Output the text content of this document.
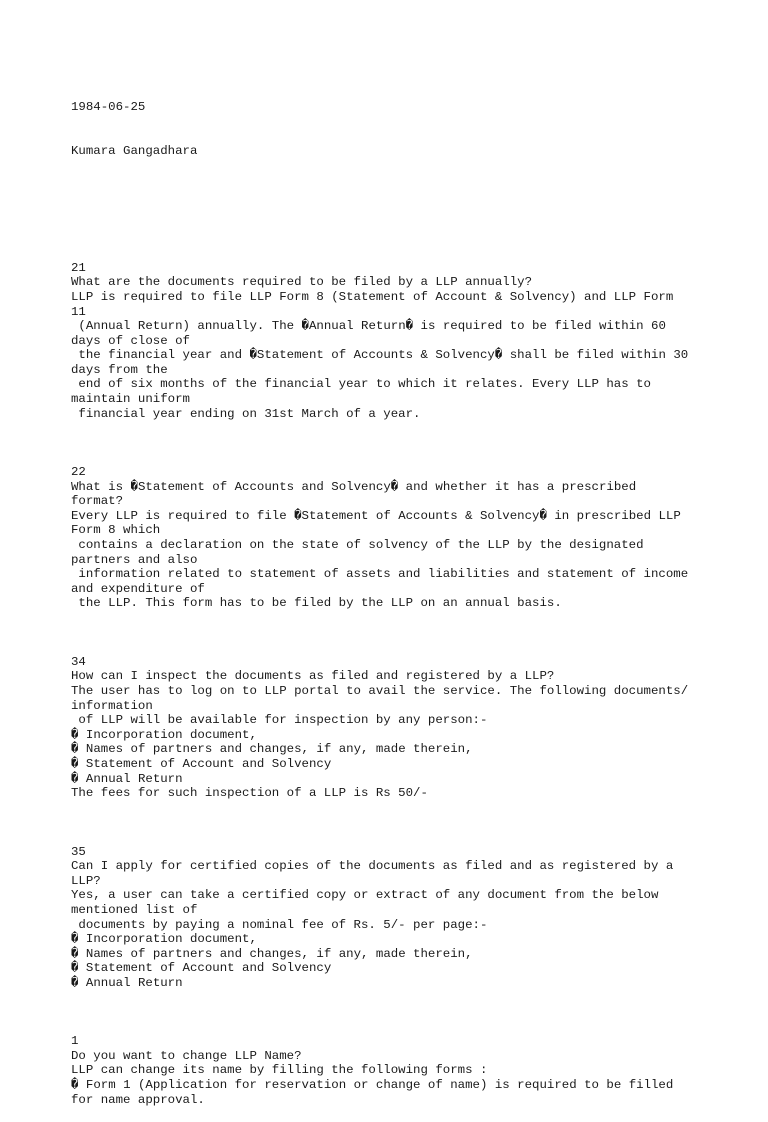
1984-06-25

Kumara Gangadhara

21
What are the documents required to be filed by a LLP annually?
LLP is required to file LLP Form 8 (Statement of Account & Solvency) and LLP Form
11
(Annual Return) annually. The �Annual Return� is required to be filed within 60
days of close of
the financial year and �Statement of Accounts & Solvency� shall be filed within 30
days from the
end of six months of the financial year to which it relates. Every LLP has to
maintain uniform
financial year ending on 31st March of a year.
22
What is �Statement of Accounts and Solvency� and whether it has a prescribed
format?
Every LLP is required to file �Statement of Accounts & Solvency� in prescribed LLP
Form 8 which
contains a declaration on the state of solvency of the LLP by the designated
partners and also
information related to statement of assets and liabilities and statement of income
and expenditure of
the LLP. This form has to be filed by the LLP on an annual basis.
34
How can I inspect the documents as filed and registered by a LLP?
The user has to log on to LLP portal to avail the service. The following documents/
information
of LLP will be available for inspection by any person:-
� Incorporation document,
� Names of partners and changes, if any, made therein,
� Statement of Account and Solvency
� Annual Return
The fees for such inspection of a LLP is Rs 50/-
35
Can I apply for certified copies of the documents as filed and as registered by a
LLP?
Yes, a user can take a certified copy or extract of any document from the below
mentioned list of
documents by paying a nominal fee of Rs. 5/- per page:-
� Incorporation document,
� Names of partners and changes, if any, made therein,
� Statement of Account and Solvency
� Annual Return
1
Do you want to change LLP Name?
LLP can change its name by filling the following forms :
� Form 1 (Application for reservation or change of name) is required to be filled
for name approval.
